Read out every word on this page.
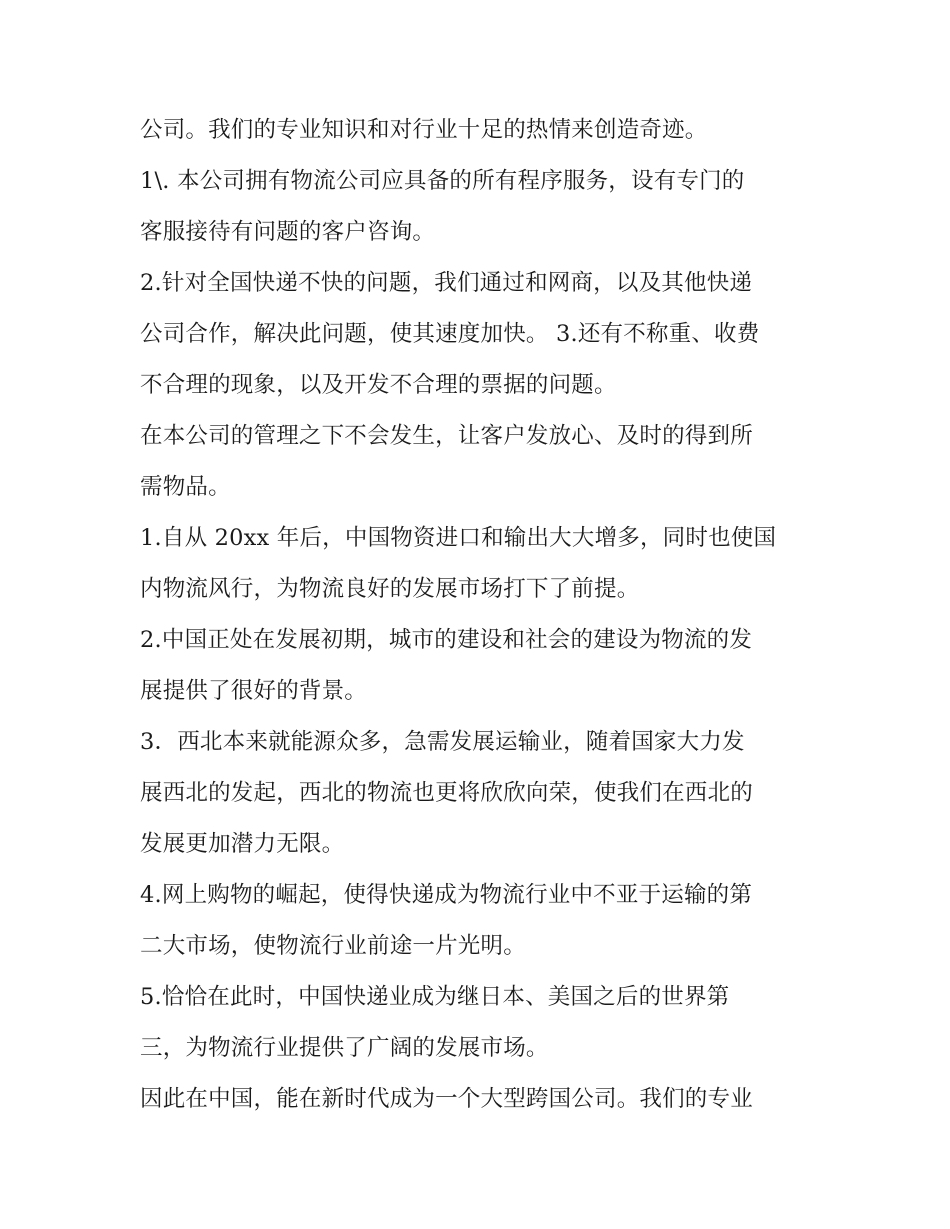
公司。我们的专业知识和对行业十足的热情来创造奇迹。
1\. 本公司拥有物流公司应具备的所有程序服务，设有专门的
客服接待有问题的客户咨询。
2.针对全国快递不快的问题，我们通过和网商，以及其他快递
公司合作，解决此问题，使其速度加快。 3.还有不称重、收费
不合理的现象，以及开发不合理的票据的问题。
在本公司的管理之下不会发生，让客户发放心、及时的得到所
需物品。
1.自从 20xx 年后，中国物资进口和输出大大增多，同时也使国
内物流风行，为物流良好的发展市场打下了前提。
2.中国正处在发展初期，城市的建设和社会的建设为物流的发
展提供了很好的背景。
3．西北本来就能源众多，急需发展运输业，随着国家大力发
展西北的发起，西北的物流也更将欣欣向荣，使我们在西北的
发展更加潜力无限。
4.网上购物的崛起，使得快递成为物流行业中不亚于运输的第
二大市场，使物流行业前途一片光明。
5.恰恰在此时，中国快递业成为继日本、美国之后的世界第
三，为物流行业提供了广阔的发展市场。
因此在中国，能在新时代成为一个大型跨国公司。我们的专业
